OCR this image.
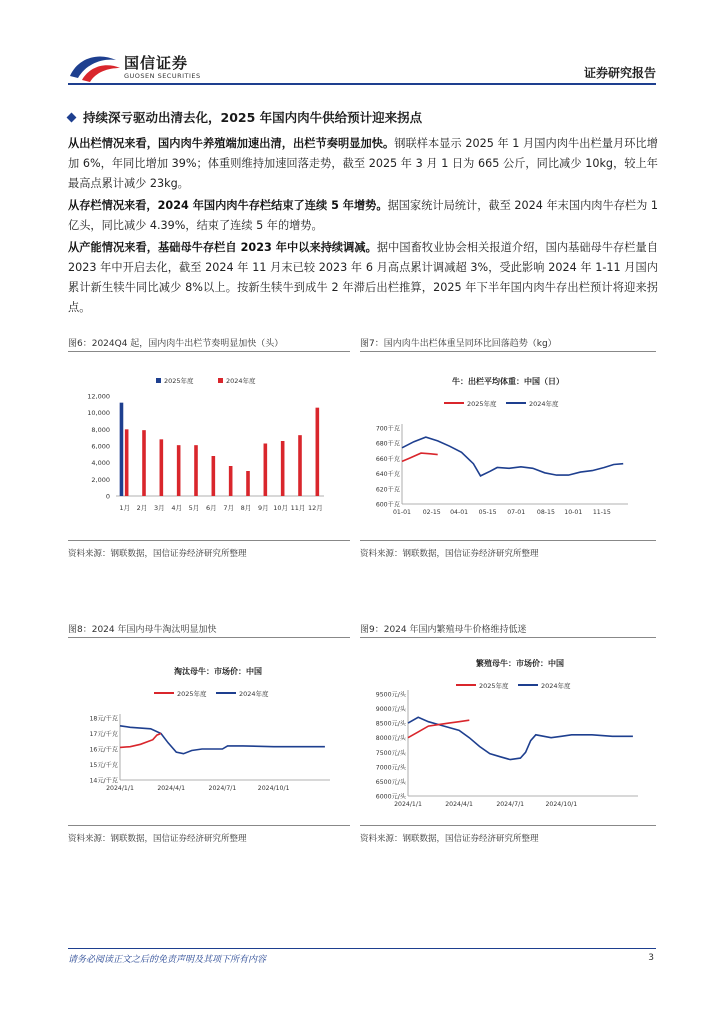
国信证券
GUOSEN SECURITIES	证券研究报告
持续深亏驱动出清去化，2025 年国内肉牛供给预计迎来拐点
从出栏情况来看，国内肉牛养殖端加速出清，出栏节奏明显加快。钢联样本显示 2025 年 1 月国内肉牛出栏量月环比增加 6%，年同比增加 39%；体重则维持加速回落走势，截至 2025 年 3 月 1 日为 665 公斤，同比减少 10kg，较上年最高点累计减少 23kg。
从存栏情况来看，2024 年国内肉牛存栏结束了连续 5 年增势。据国家统计局统计，截至 2024 年末国内肉牛存栏为 1 亿头，同比减少 4.39%，结束了连续 5 年的增势。
从产能情况来看，基础母牛存栏自 2023 年中以来持续调减。据中国畜牧业协会相关报道介绍，国内基础母牛存栏量自 2023 年中开启去化，截至 2024 年 11 月末已较 2023 年 6 月高点累计调减超 3%，受此影响 2024 年 1-11 月国内累计新生犊牛同比减少 8%以上。按新生犊牛到成牛 2 年滞后出栏推算，2025 年下半年国内肉牛存出栏预计将迎来拐点。
图6：2024Q4 起，国内肉牛出栏节奏明显加快（头）
2025年度	2024年度
0
2,000
4,000
6,000
8,000
10,000
12,000
1月 2月 3月 4月 5月 6月 7月 8月 9月 10月 11月 12月
资料来源：钢联数据，国信证券经济研究所整理
图7：国内肉牛出栏体重呈同环比回落趋势（kg）
牛：出栏平均体重：中国（日）
2025年度	2024年度
600千克
620千克
640千克
660千克
680千克
700千克
01-01 02-15 04-01 05-15 07-01 08-15 10-01 11-15
资料来源：钢联数据，国信证券经济研究所整理
图8：2024 年国内母牛淘汰明显加快
淘汰母牛：市场价：中国
2025年度	2024年度
14元/千克
15元/千克
16元/千克
17元/千克
18元/千克
2024/1/1	2024/4/1	2024/7/1	2024/10/1
资料来源：钢联数据，国信证券经济研究所整理
图9：2024 年国内繁殖母牛价格维持低迷
繁殖母牛：市场价：中国
2025年度	2024年度
6000元/头
6500元/头
7000元/头
7500元/头
8000元/头
8500元/头
9000元/头
9500元/头
2024/1/1	2024/4/1	2024/7/1	2024/10/1
资料来源：钢联数据，国信证券经济研究所整理
请务必阅读正文之后的免责声明及其项下所有内容	3
